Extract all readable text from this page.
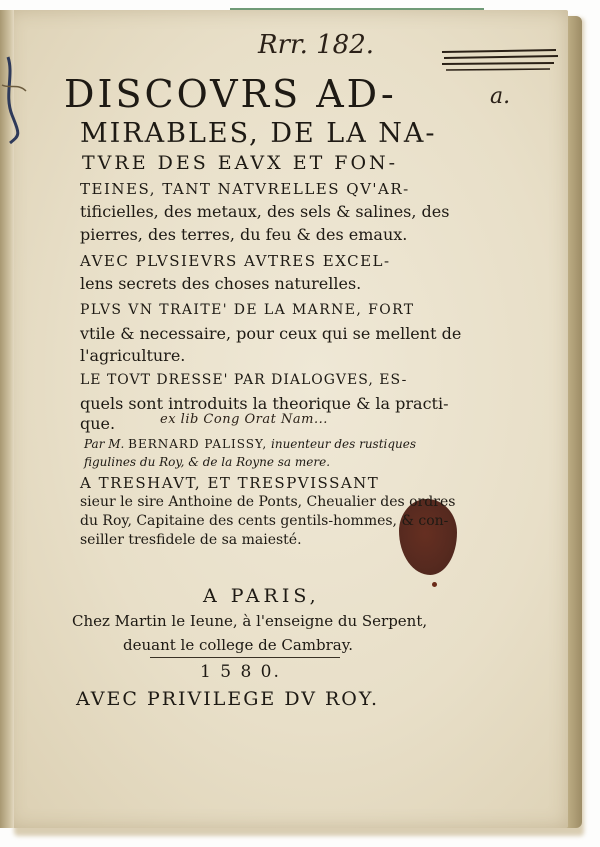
Rrr. 182.

a.

DISCOVRS AD-

MIRABLES, DE LA NA-

TVRE DES EAVX ET FON-

TEINES, TANT NATVRELLES QV'AR-

tificielles, des metaux, des sels & salines, des

pierres, des terres, du feu & des emaux.

AVEC PLVSIEVRS AVTRES EXCEL-

lens secrets des choses naturelles.

PLVS VN TRAITE' DE LA MARNE, FORT

vtile & necessaire, pour ceux qui se mellent de

l'agriculture.

LE TOVT DRESSE' PAR DIALOGVES, ES-

quels sont introduits la theorique & la practi-

que.	ex lib Cong Orat Nam...

Par M. BERNARD PALISSY, inuenteur des rustiques

figulines du Roy, & de la Royne sa mere.

A TRESHAVT, ET TRESPVISSANT

sieur le sire Anthoine de Ponts, Cheualier des ordres

du Roy, Capitaine des cents gentils-hommes, & con-

seiller tresfidele de sa maiesté.

A PARIS,

Chez Martin le Ieune, à l'enseigne du Serpent,

deuant le college de Cambray.

1 5 8 0.

AVEC PRIVILEGE DV ROY.
